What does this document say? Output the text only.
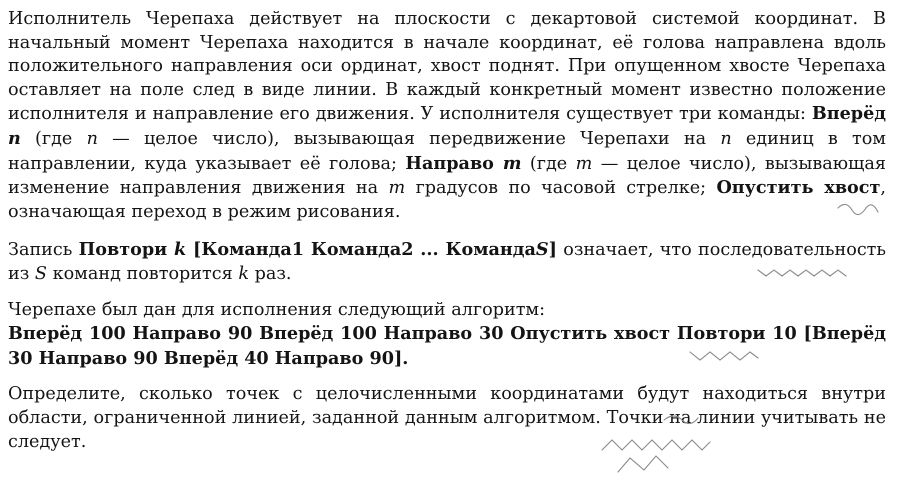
Исполнитель Черепаха действует на плоскости с декартовой системой координат. В начальный момент Черепаха находится в начале координат, её голова направлена вдоль положительного направления оси ординат, хвост поднят. При опущенном хвосте Черепаха оставляет на поле след в виде линии. В каждый конкретный момент известно положение исполнителя и направление его движения. У исполнителя существует три команды: Вперёд n (где n — целое число), вызывающая передвижение Черепахи на n единиц в том направлении, куда указывает её голова; Направо m (где m — целое число), вызывающая изменение направления движения на m градусов по часовой стрелке; Опустить хвост, означающая переход в режим рисования.

Запись Повтори k [Команда1 Команда2 ... КомандаS] означает, что последовательность из S команд повторится k раз.

Черепахе был дан для исполнения следующий алгоритм:

Вперёд 100 Направо 90 Вперёд 100 Направо 30 Опустить хвост Повтори 10 [Вперёд 30 Направо 90 Вперёд 40 Направо 90].

Определите, сколько точек с целочисленными координатами будут находиться внутри области, ограниченной линией, заданной данным алгоритмом. Точки на линии учитывать не следует.
